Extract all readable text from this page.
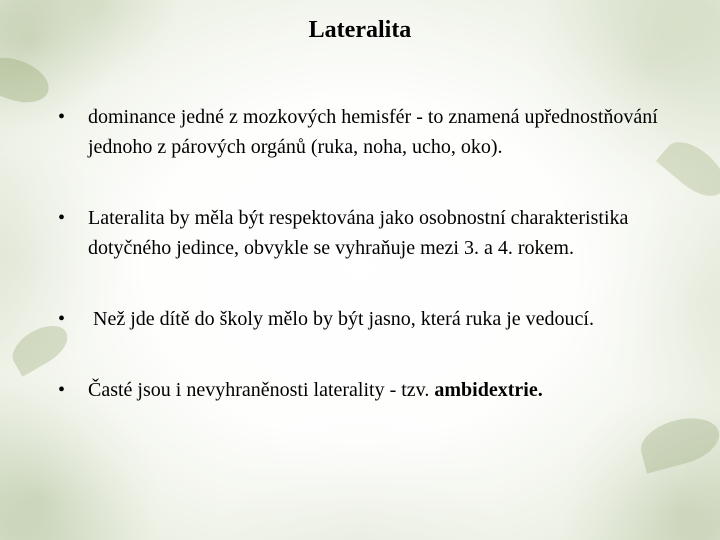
Lateralita
• dominance jedné z mozkových hemisfér - to znamená upřednostňování jednoho z párových orgánů (ruka, noha, ucho, oko).
• Lateralita by měla být respektována jako osobnostní charakteristika dotyčného jedince, obvykle se vyhraňuje mezi 3. a 4. rokem.
• Než jde dítě do školy mělo by být jasno, která ruka je vedoucí.
• Časté jsou i nevyhraněnosti laterality - tzv. ambidextrie.
